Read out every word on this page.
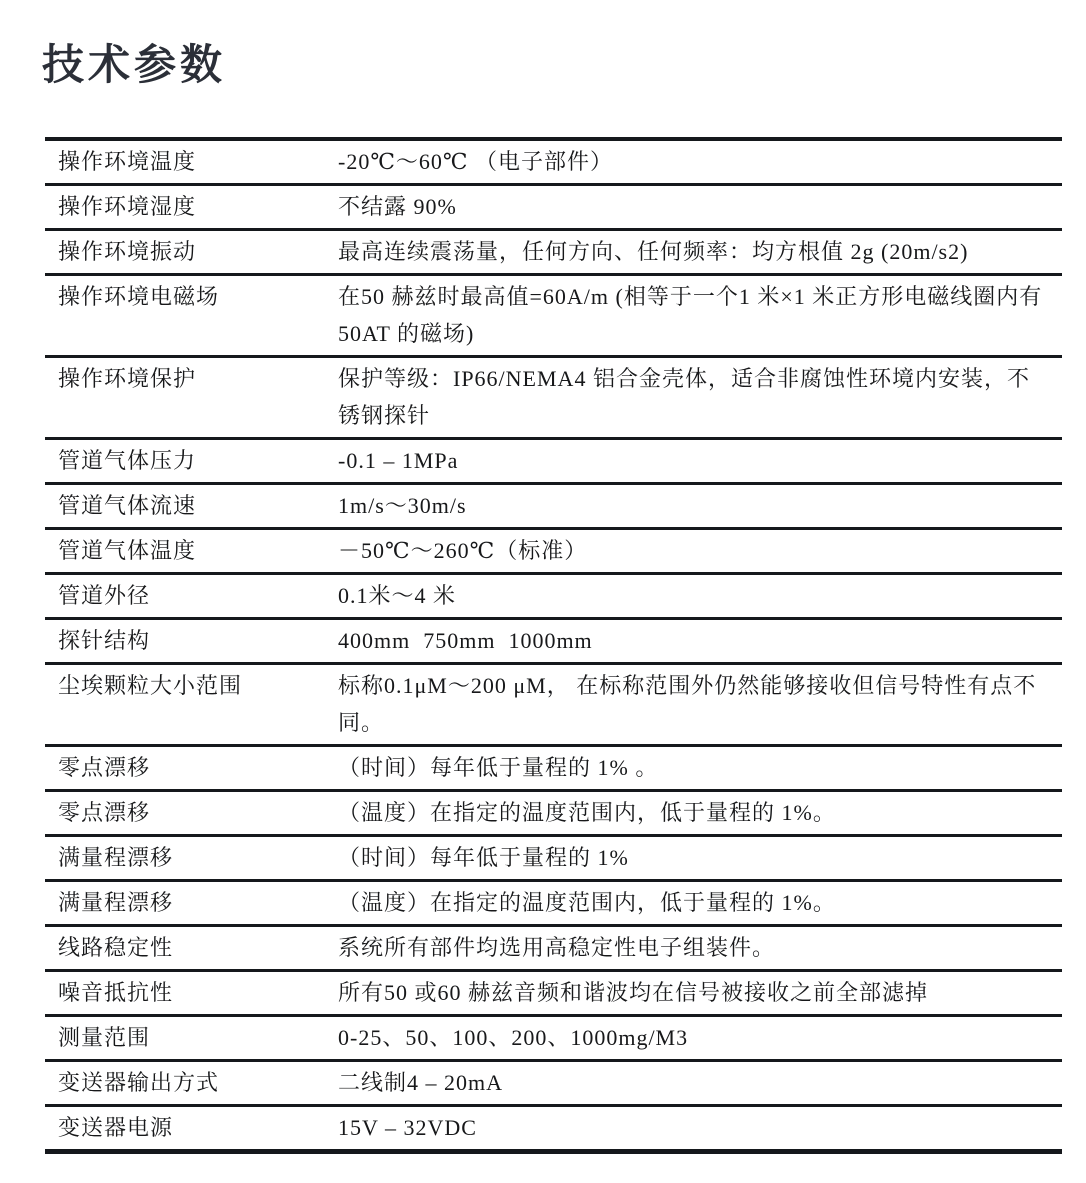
技术参数
操作环境温度	-20℃～60℃ （电子部件）
操作环境湿度	不结露 90%
操作环境振动	最高连续震荡量，任何方向、任何频率：均方根值 2g (20m/s2)
操作环境电磁场	在50 赫兹时最高值=60A/m (相等于一个1 米×1 米正方形电磁线圈内有50AT 的磁场)
操作环境保护	保护等级：IP66/NEMA4 铝合金壳体，适合非腐蚀性环境内安装，不锈钢探针
管道气体压力	-0.1 – 1MPa
管道气体流速	1m/s～30m/s
管道气体温度	－50℃～260℃（标准）
管道外径	0.1米～4 米
探针结构	400mm  750mm  1000mm
尘埃颗粒大小范围	标称0.1μM～200 μM， 在标称范围外仍然能够接收但信号特性有点不同。
零点漂移	（时间）每年低于量程的 1% 。
零点漂移	（温度）在指定的温度范围内，低于量程的 1%。
满量程漂移	（时间）每年低于量程的 1%
满量程漂移	（温度）在指定的温度范围内，低于量程的 1%。
线路稳定性	系统所有部件均选用高稳定性电子组装件。
噪音抵抗性	所有50 或60 赫兹音频和谐波均在信号被接收之前全部滤掉
测量范围	0-25、50、100、200、1000mg/M3
变送器输出方式	二线制4 – 20mA
变送器电源	15V – 32VDC
